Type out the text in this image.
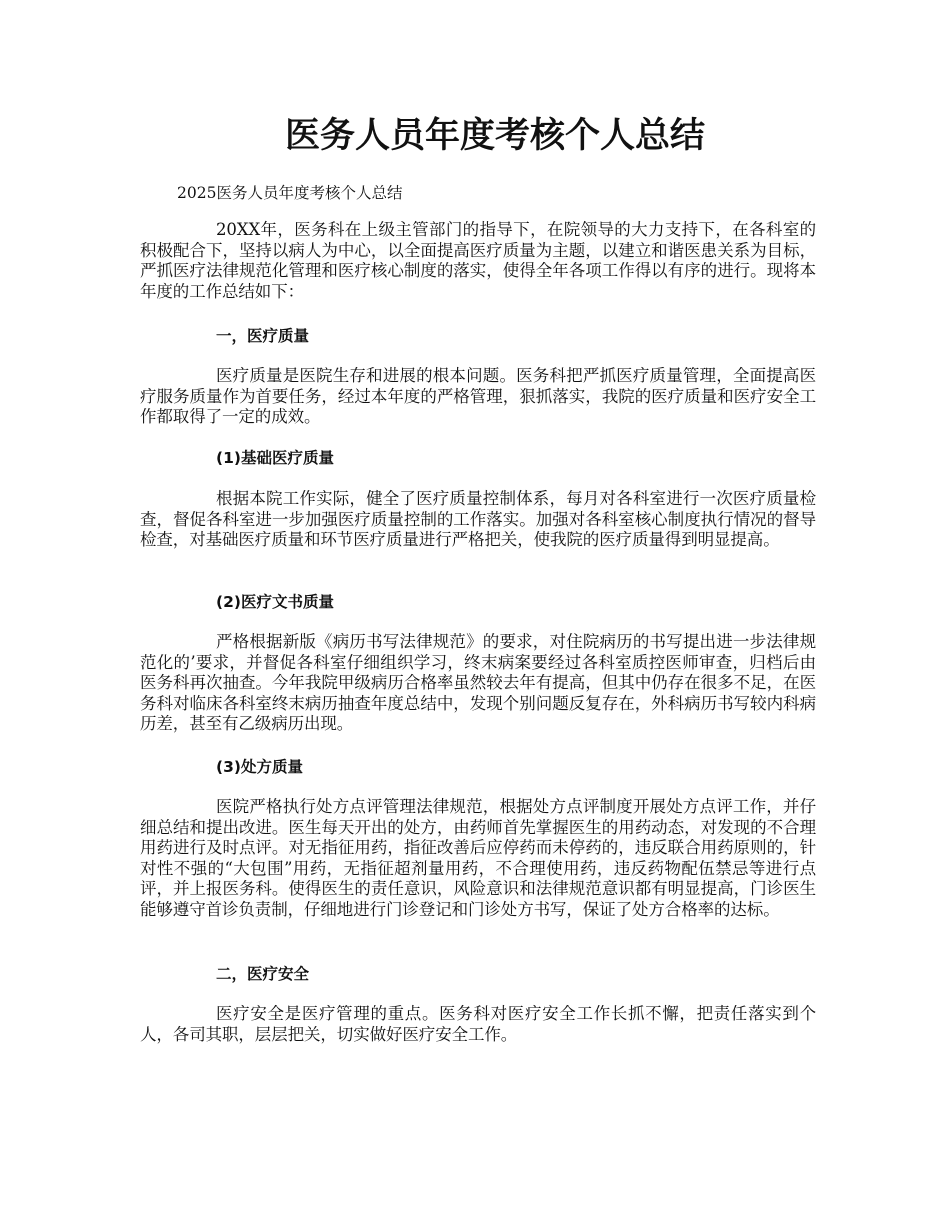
医务人员年度考核个人总结

2025医务人员年度考核个人总结

20XX年，医务科在上级主管部门的指导下，在院领导的大力支持下，在各科室的积极配合下，坚持以病人为中心，以全面提高医疗质量为主题，以建立和谐医患关系为目标，严抓医疗法律规范化管理和医疗核心制度的落实，使得全年各项工作得以有序的进行。现将本年度的工作总结如下：

一，医疗质量

医疗质量是医院生存和进展的根本问题。医务科把严抓医疗质量管理，全面提高医疗服务质量作为首要任务，经过本年度的严格管理，狠抓落实，我院的医疗质量和医疗安全工作都取得了一定的成效。

(1)基础医疗质量

根据本院工作实际，健全了医疗质量控制体系，每月对各科室进行一次医疗质量检查，督促各科室进一步加强医疗质量控制的工作落实。加强对各科室核心制度执行情况的督导检查，对基础医疗质量和环节医疗质量进行严格把关，使我院的医疗质量得到明显提高。

(2)医疗文书质量

严格根据新版《病历书写法律规范》的要求，对住院病历的书写提出进一步法律规范化的’要求，并督促各科室仔细组织学习，终末病案要经过各科室质控医师审查，归档后由医务科再次抽查。今年我院甲级病历合格率虽然较去年有提高，但其中仍存在很多不足，在医务科对临床各科室终末病历抽查年度总结中，发现个别问题反复存在，外科病历书写较内科病历差，甚至有乙级病历出现。

(3)处方质量

医院严格执行处方点评管理法律规范，根据处方点评制度开展处方点评工作，并仔细总结和提出改进。医生每天开出的处方，由药师首先掌握医生的用药动态，对发现的不合理用药进行及时点评。对无指征用药，指征改善后应停药而未停药的，违反联合用药原则的，针对性不强的“大包围”用药，无指征超剂量用药，不合理使用药，违反药物配伍禁忌等进行点评，并上报医务科。使得医生的责任意识，风险意识和法律规范意识都有明显提高，门诊医生能够遵守首诊负责制，仔细地进行门诊登记和门诊处方书写，保证了处方合格率的达标。

二，医疗安全

医疗安全是医疗管理的重点。医务科对医疗安全工作长抓不懈，把责任落实到个人，各司其职，层层把关，切实做好医疗安全工作。
